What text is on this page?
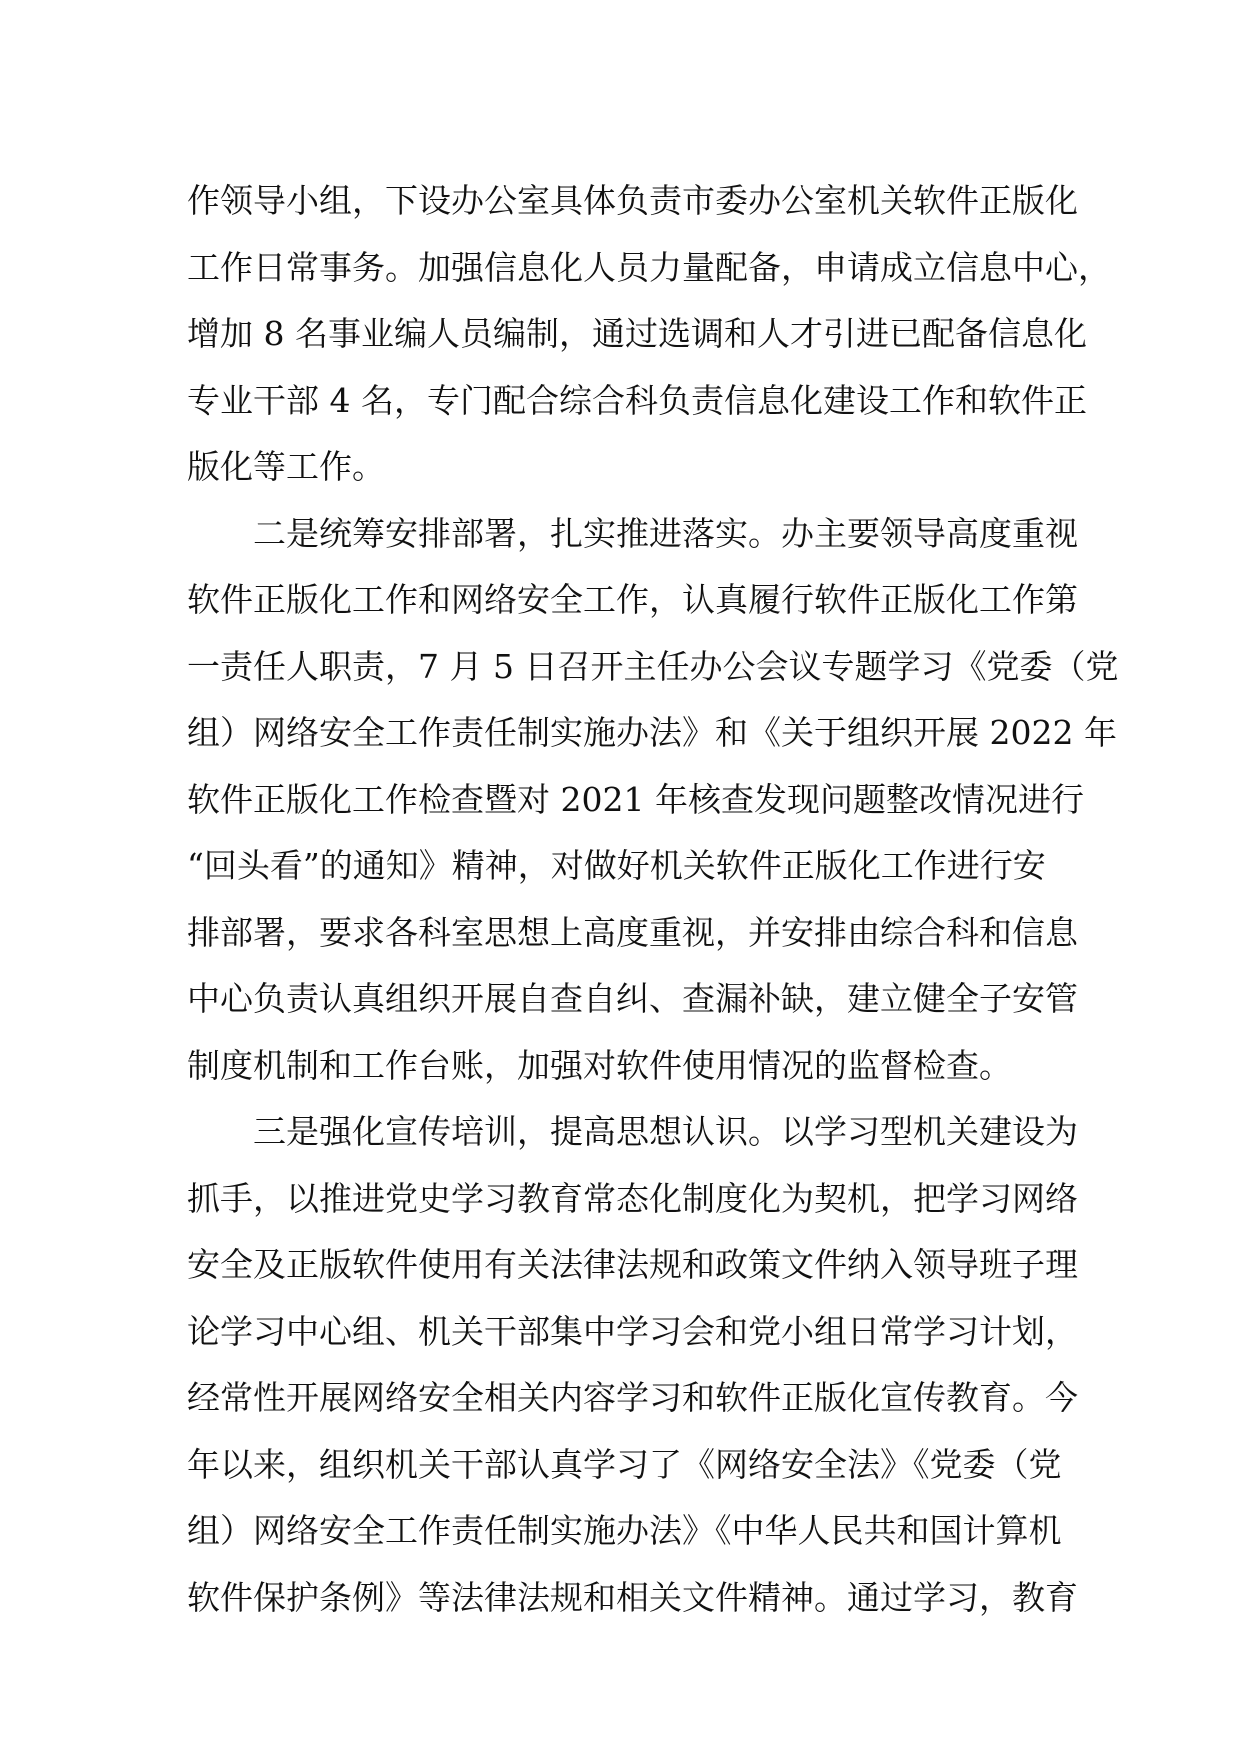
作领导小组，下设办公室具体负责市委办公室机关软件正版化
工作日常事务。加强信息化人员力量配备，申请成立信息中心，
增加 8 名事业编人员编制，通过选调和人才引进已配备信息化
专业干部 4 名，专门配合综合科负责信息化建设工作和软件正
版化等工作。
二是统筹安排部署，扎实推进落实。办主要领导高度重视
软件正版化工作和网络安全工作，认真履行软件正版化工作第
一责任人职责，7 月 5 日召开主任办公会议专题学习《党委（党
组）网络安全工作责任制实施办法》和《关于组织开展 2022 年
软件正版化工作检查暨对 2021 年核查发现问题整改情况进行
“回头看”的通知》精神，对做好机关软件正版化工作进行安
排部署，要求各科室思想上高度重视，并安排由综合科和信息
中心负责认真组织开展自查自纠、查漏补缺，建立健全子安管
制度机制和工作台账，加强对软件使用情况的监督检查。
三是强化宣传培训，提高思想认识。以学习型机关建设为
抓手，以推进党史学习教育常态化制度化为契机，把学习网络
安全及正版软件使用有关法律法规和政策文件纳入领导班子理
论学习中心组、机关干部集中学习会和党小组日常学习计划，
经常性开展网络安全相关内容学习和软件正版化宣传教育。今
年以来，组织机关干部认真学习了《网络安全法》《党委（党
组）网络安全工作责任制实施办法》《中华人民共和国计算机
软件保护条例》等法律法规和相关文件精神。通过学习，教育
